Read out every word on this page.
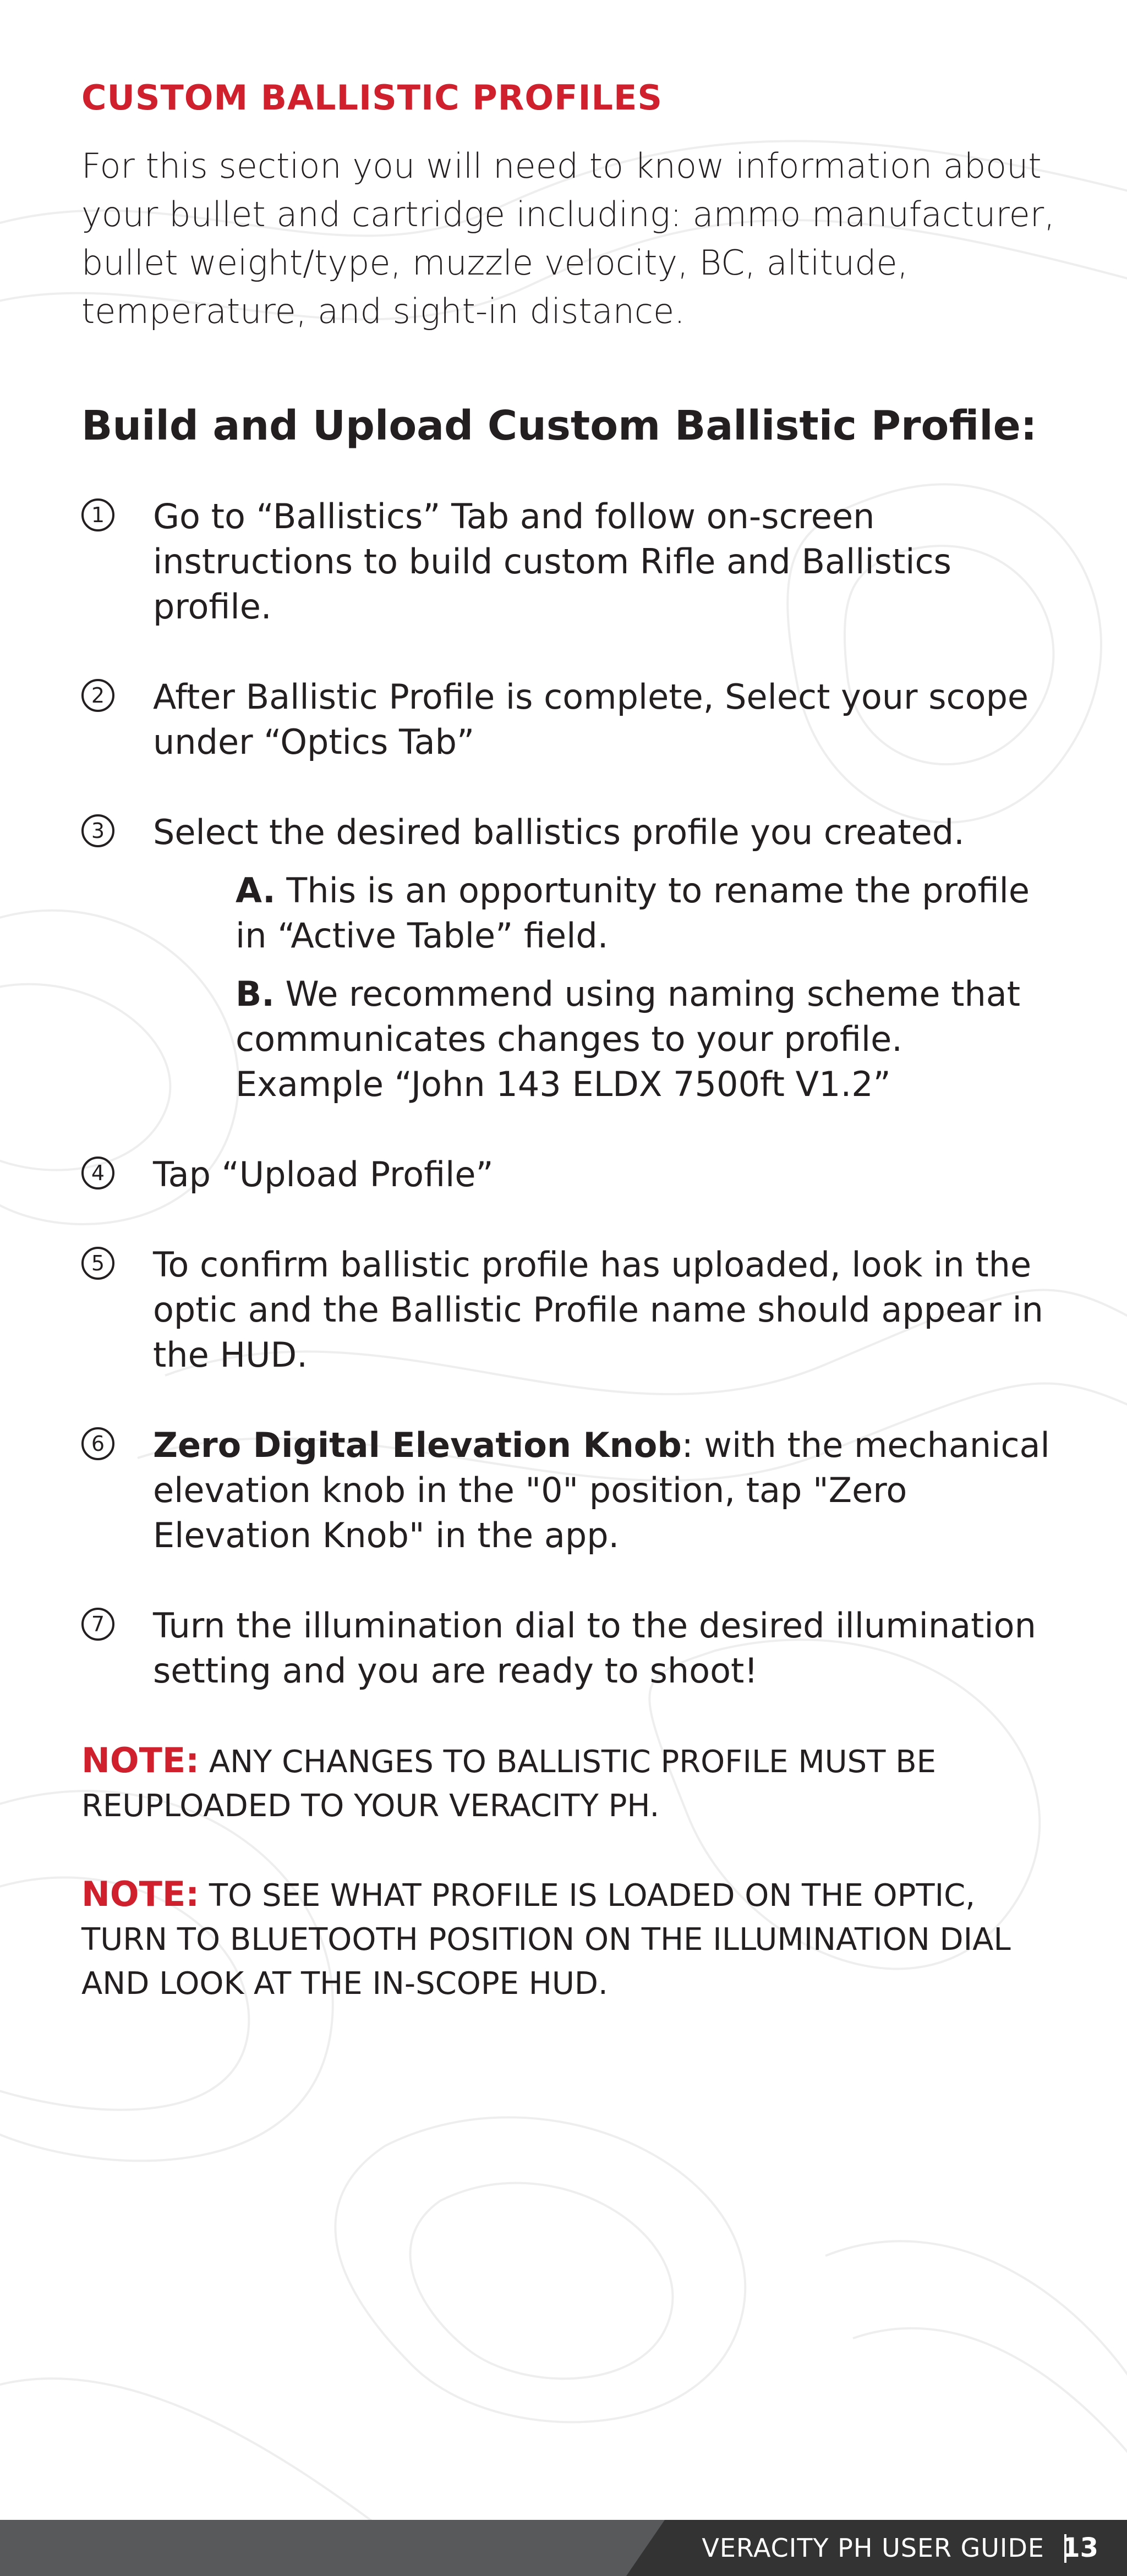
CUSTOM BALLISTIC PROFILES

For this section you will need to know information about your bullet and cartridge including: ammo manufacturer, bullet weight/type, muzzle velocity, BC, altitude, temperature, and sight-in distance.

Build and Upload Custom Ballistic Profile:
1 Go to “Ballistics” Tab and follow on-screen instructions to build custom Rifle and Ballistics profile.
2 After Ballistic Profile is complete, Select your scope under “Optics Tab”
3 Select the desired ballistics profile you created.
A. This is an opportunity to rename the profile in “Active Table” field.
B. We recommend using naming scheme that communicates changes to your profile. Example “John 143 ELDX 7500ft V1.2”
4 Tap “Upload Profile”
5 To confirm ballistic profile has uploaded, look in the optic and the Ballistic Profile name should appear in the HUD.
6 Zero Digital Elevation Knob: with the mechanical elevation knob in the "0" position, tap "Zero Elevation Knob" in the app.
7 Turn the illumination dial to the desired illumination setting and you are ready to shoot!

NOTE: ANY CHANGES TO BALLISTIC PROFILE MUST BE REUPLOADED TO YOUR VERACITY PH.

NOTE: TO SEE WHAT PROFILE IS LOADED ON THE OPTIC, TURN TO BLUETOOTH POSITION ON THE ILLUMINATION DIAL AND LOOK AT THE IN-SCOPE HUD.

VERACITY PH USER GUIDE 13
